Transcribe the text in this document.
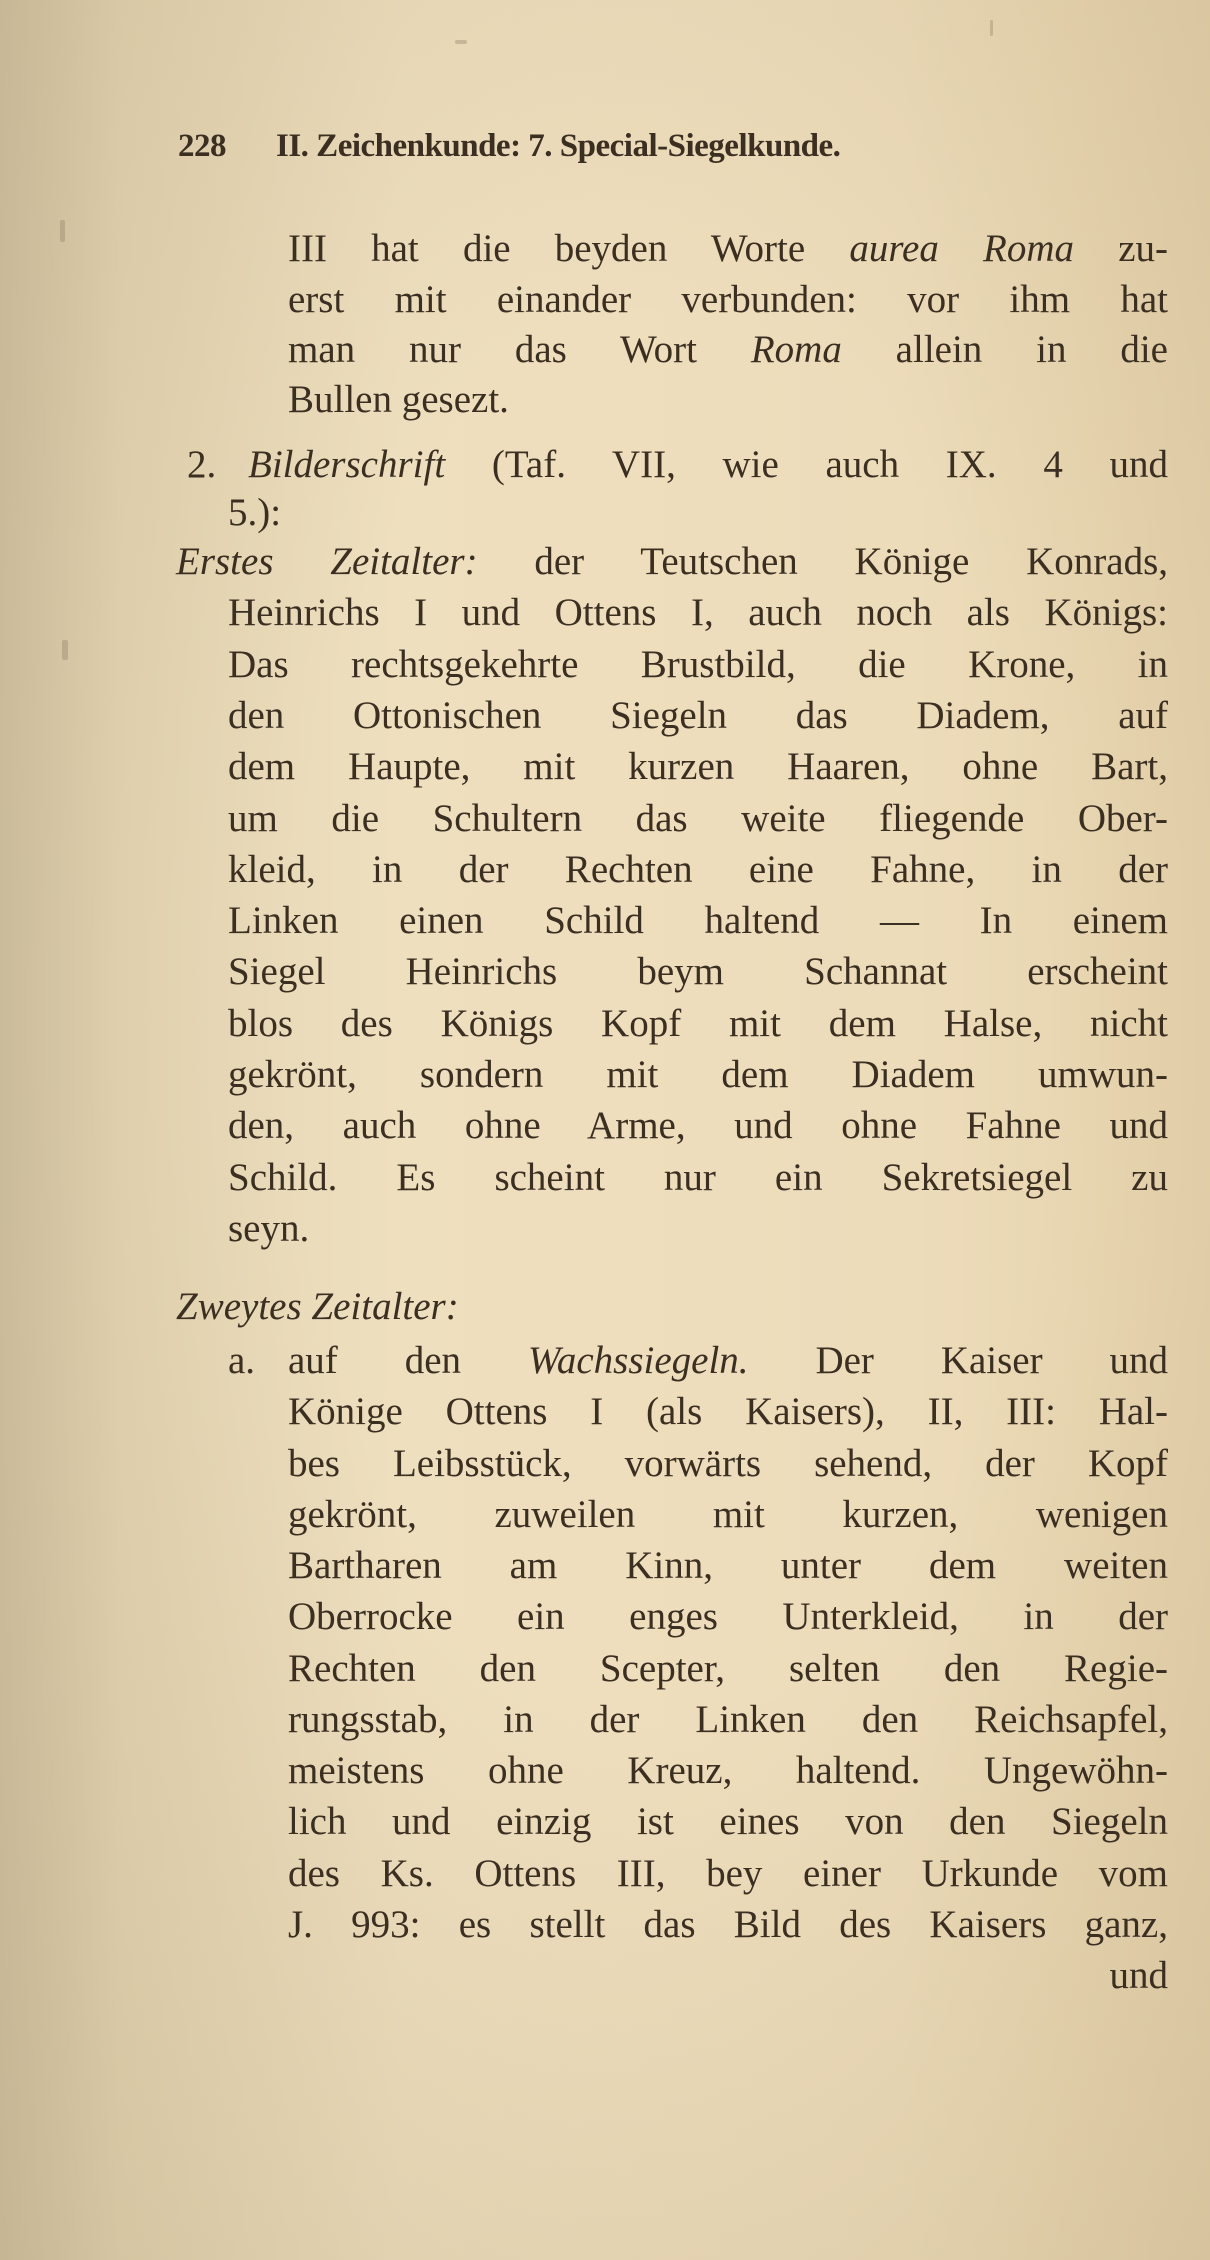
228 II. Zeichenkunde: 7. Special-Siegelkunde.
III hat die beyden Worte aurea Roma zu-
erst mit einander verbunden: vor ihm hat
man nur das Wort Roma allein in die
Bullen gesezt.
Bilderschrift (Taf. VII, wie auch IX. 4 und
2.
5.):
Erstes Zeitalter: der Teutschen Könige Konrads,
Heinrichs I und Ottens I, auch noch als Königs:
Das rechtsgekehrte Brustbild, die Krone, in
den Ottonischen Siegeln das Diadem, auf
dem Haupte, mit kurzen Haaren, ohne Bart,
um die Schultern das weite fliegende Ober-
kleid, in der Rechten eine Fahne, in der
Linken einen Schild haltend — In einem
Siegel Heinrichs beym Schannat erscheint
blos des Königs Kopf mit dem Halse, nicht
gekrönt, sondern mit dem Diadem umwun-
den, auch ohne Arme, und ohne Fahne und
Schild. Es scheint nur ein Sekretsiegel zu
seyn.
Zweytes Zeitalter:
auf den Wachssiegeln. Der Kaiser und
a.
Könige Ottens I (als Kaisers), II, III: Hal-
bes Leibsstück, vorwärts sehend, der Kopf
gekrönt, zuweilen mit kurzen, wenigen
Bartharen am Kinn, unter dem weiten
Oberrocke ein enges Unterkleid, in der
Rechten den Scepter, selten den Regie-
rungsstab, in der Linken den Reichsapfel,
meistens ohne Kreuz, haltend. Ungewöhn-
lich und einzig ist eines von den Siegeln
des Ks. Ottens III, bey einer Urkunde vom
J. 993: es stellt das Bild des Kaisers ganz,
und
